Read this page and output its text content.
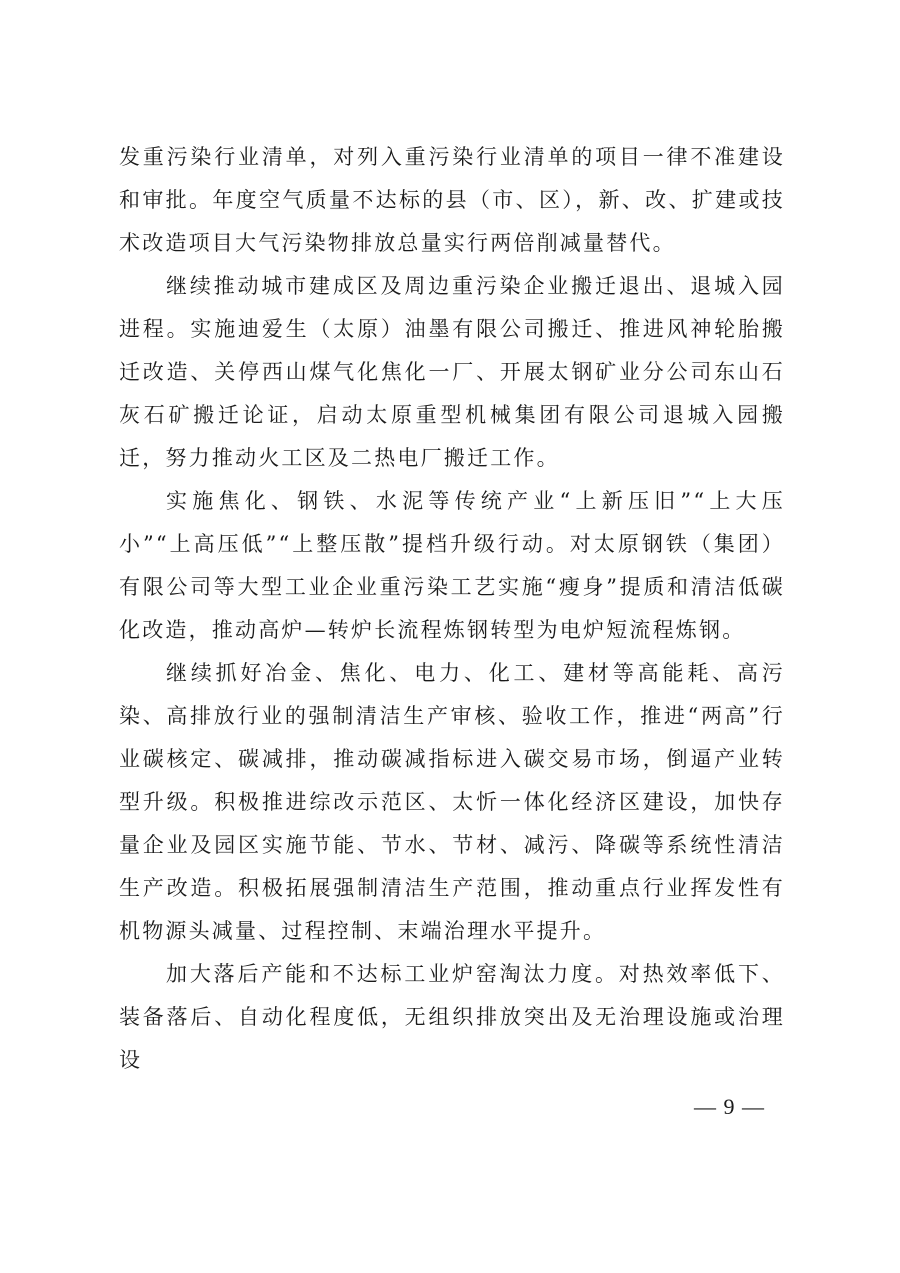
发重污染行业清单，对列入重污染行业清单的项目一律不准建设和审批。年度空气质量不达标的县（市、区），新、改、扩建或技术改造项目大气污染物排放总量实行两倍削减量替代。

继续推动城市建成区及周边重污染企业搬迁退出、退城入园进程。实施迪爱生（太原）油墨有限公司搬迁、推进风神轮胎搬迁改造、关停西山煤气化焦化一厂、开展太钢矿业分公司东山石灰石矿搬迁论证，启动太原重型机械集团有限公司退城入园搬迁，努力推动火工区及二热电厂搬迁工作。

实施焦化、钢铁、水泥等传统产业“上新压旧”“上大压小”“上高压低”“上整压散”提档升级行动。对太原钢铁（集团）有限公司等大型工业企业重污染工艺实施“瘦身”提质和清洁低碳化改造，推动高炉—转炉长流程炼钢转型为电炉短流程炼钢。

继续抓好冶金、焦化、电力、化工、建材等高能耗、高污染、高排放行业的强制清洁生产审核、验收工作，推进“两高”行业碳核定、碳减排，推动碳减指标进入碳交易市场，倒逼产业转型升级。积极推进综改示范区、太忻一体化经济区建设，加快存量企业及园区实施节能、节水、节材、减污、降碳等系统性清洁生产改造。积极拓展强制清洁生产范围，推动重点行业挥发性有机物源头减量、过程控制、末端治理水平提升。

加大落后产能和不达标工业炉窑淘汰力度。对热效率低下、装备落后、自动化程度低，无组织排放突出及无治理设施或治理设

— 9 —
